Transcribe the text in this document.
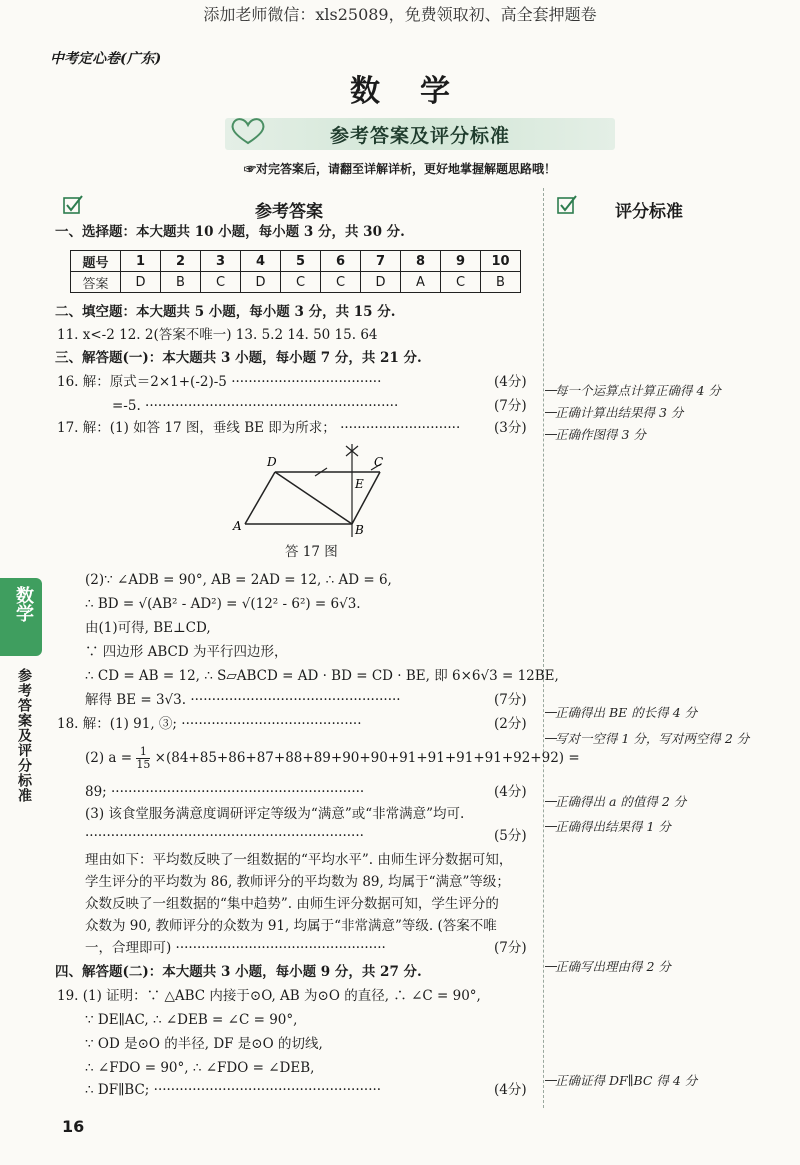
添加老师微信：xls25089，免费领取初、高全套押题卷
中考定心卷(广东)
数学
参考答案及评分标准
☞对完答案后，请翻至详解详析，更好地掌握解题思路哦！
参考答案	评分标准
一、选择题：本大题共 10 小题，每小题 3 分，共 30 分.
题号	1	2	3	4	5	6	7	8	9	10
答案	D	B	C	D	C	C	D	A	C	B
二、填空题：本大题共 5 小题，每小题 3 分，共 15 分.
11. x<-2 12. 2(答案不唯一) 13. 5.2 14. 50 15. 64
三、解答题(一)：本大题共 3 小题，每小题 7 分，共 21 分.
16. 解：原式＝2×1+(-2)-5 ···································	(4分)
=-5. ···························································	(7分)
17. 解：(1) 如答 17 图，垂线 BE 即为所求； ····························	(3分)
A	B
C
D
E
答 17 图
(2)∵ ∠ADB = 90°, AB = 2AD = 12, ∴ AD = 6,
∴ BD = √(AB² - AD²) = √(12² - 6²) = 6√3.
由(1)可得, BE⊥CD,
∵ 四边形 ABCD 为平行四边形，
∴ CD = AB = 12, ∴ S▱ABCD = AD · BD = CD · BE, 即 6×6√3 = 12BE,
解得 BE = 3√3. ·················································	(7分)
18. 解：(1) 91, ③; ··········································	(2分)
(2) $a = \frac{1}{15} \times(84+85+86+87+88+89+90+90+91+91+91+91+92+92)$ =
89; ···························································	(4分)
(3) 该食堂服务满意度调研评定等级为“满意”或“非常满意”均可.
·································································	(5分)
理由如下：平均数反映了一组数据的“平均水平”. 由师生评分数据可知，
学生评分的平均数为 86, 教师评分的平均数为 89, 均属于“满意”等级；
众数反映了一组数据的“集中趋势”. 由师生评分数据可知，学生评分的
众数为 90, 教师评分的众数为 91, 均属于“非常满意”等级. (答案不唯
一，合理即可) ·················································	(7分)
四、解答题(二)：本大题共 3 小题，每小题 9 分，共 27 分.
19. (1) 证明：∵ △ABC 内接于⊙O, AB 为⊙O 的直径, ∴ ∠C = 90°,
∵ DE∥AC, ∴ ∠DEB = ∠C = 90°,
∵ OD 是⊙O 的半径, DF 是⊙O 的切线,
∴ ∠FDO = 90°, ∴ ∠FDO = ∠DEB,
∴ DF∥BC; ·····················································	(4分)
每一个运算点计算正确得 4 分
正确计算出结果得 3 分
正确作图得 3 分
正确得出 BE 的长得 4 分
写对一空得 1 分，写对两空得 2 分
正确得出 a 的值得 2 分
正确得出结果得 1 分
正确写出理由得 2 分
正确证得 DF∥BC 得 4 分
数学
参考答案及评分标准
16
